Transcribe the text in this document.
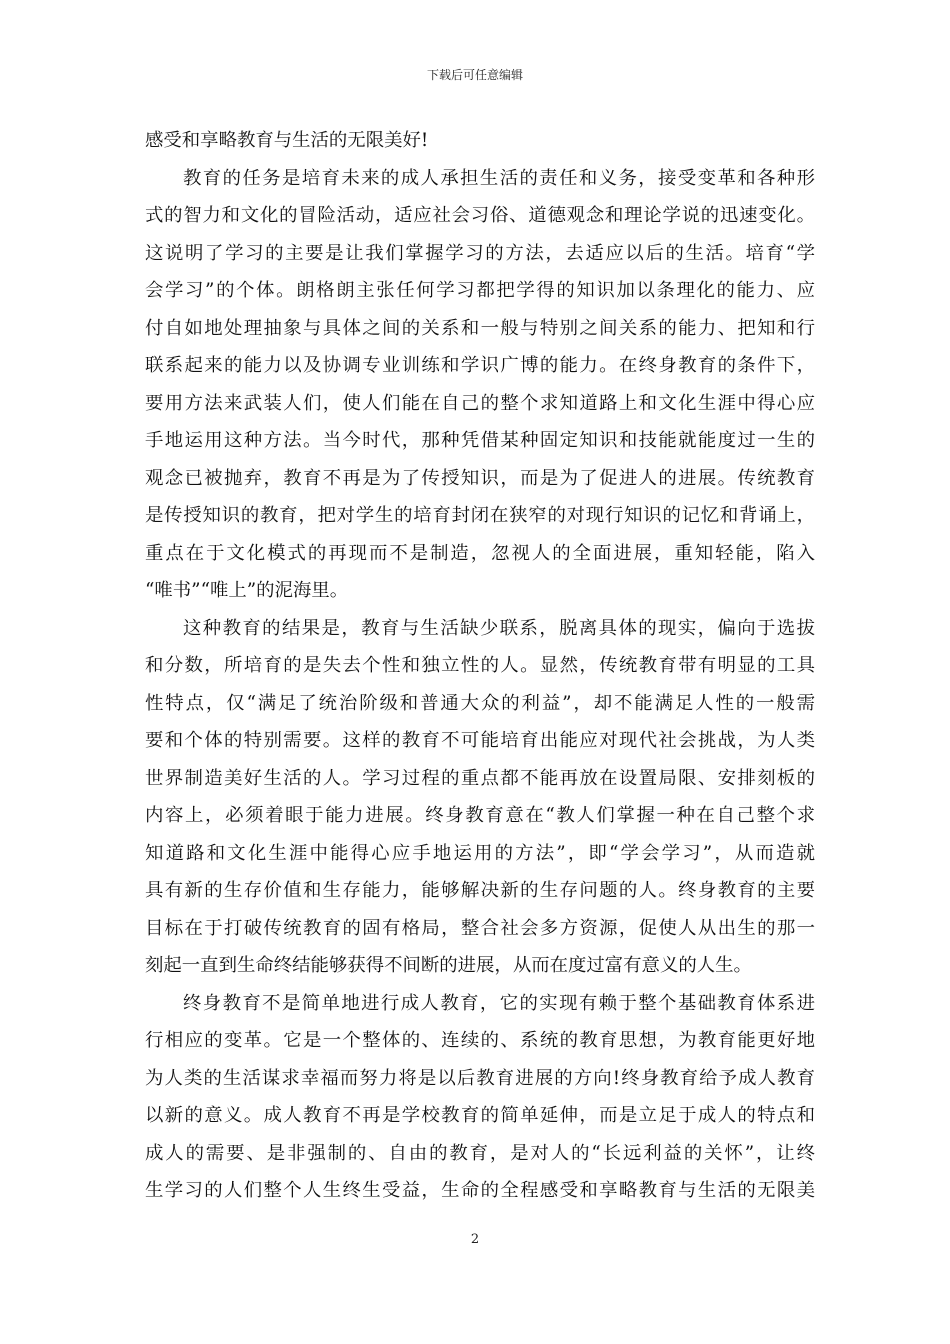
下载后可任意编辑
感受和享略教育与生活的无限美好!
教育的任务是培育未来的成人承担生活的责任和义务，接受变革和各种形
式的智力和文化的冒险活动，适应社会习俗、道德观念和理论学说的迅速变化。
这说明了学习的主要是让我们掌握学习的方法，去适应以后的生活。培育“学
会学习”的个体。朗格朗主张任何学习都把学得的知识加以条理化的能力、应
付自如地处理抽象与具体之间的关系和一般与特别之间关系的能力、把知和行
联系起来的能力以及协调专业训练和学识广博的能力。在终身教育的条件下，
要用方法来武装人们，使人们能在自己的整个求知道路上和文化生涯中得心应
手地运用这种方法。当今时代，那种凭借某种固定知识和技能就能度过一生的
观念已被抛弃，教育不再是为了传授知识，而是为了促进人的进展。传统教育
是传授知识的教育，把对学生的培育封闭在狭窄的对现行知识的记忆和背诵上，
重点在于文化模式的再现而不是制造，忽视人的全面进展，重知轻能，陷入
“唯书”“唯上”的泥海里。
这种教育的结果是，教育与生活缺少联系，脱离具体的现实，偏向于选拔
和分数，所培育的是失去个性和独立性的人。显然，传统教育带有明显的工具
性特点，仅“满足了统治阶级和普通大众的利益”，却不能满足人性的一般需
要和个体的特别需要。这样的教育不可能培育出能应对现代社会挑战，为人类
世界制造美好生活的人。学习过程的重点都不能再放在设置局限、安排刻板的
内容上，必须着眼于能力进展。终身教育意在“教人们掌握一种在自己整个求
知道路和文化生涯中能得心应手地运用的方法”，即“学会学习”，从而造就
具有新的生存价值和生存能力，能够解决新的生存问题的人。终身教育的主要
目标在于打破传统教育的固有格局，整合社会多方资源，促使人从出生的那一
刻起一直到生命终结能够获得不间断的进展，从而在度过富有意义的人生。
终身教育不是简单地进行成人教育，它的实现有赖于整个基础教育体系进
行相应的变革。它是一个整体的、连续的、系统的教育思想，为教育能更好地
为人类的生活谋求幸福而努力将是以后教育进展的方向!终身教育给予成人教育
以新的意义。成人教育不再是学校教育的简单延伸，而是立足于成人的特点和
成人的需要、是非强制的、自由的教育，是对人的“长远利益的关怀”，让终
生学习的人们整个人生终生受益，生命的全程感受和享略教育与生活的无限美
2
